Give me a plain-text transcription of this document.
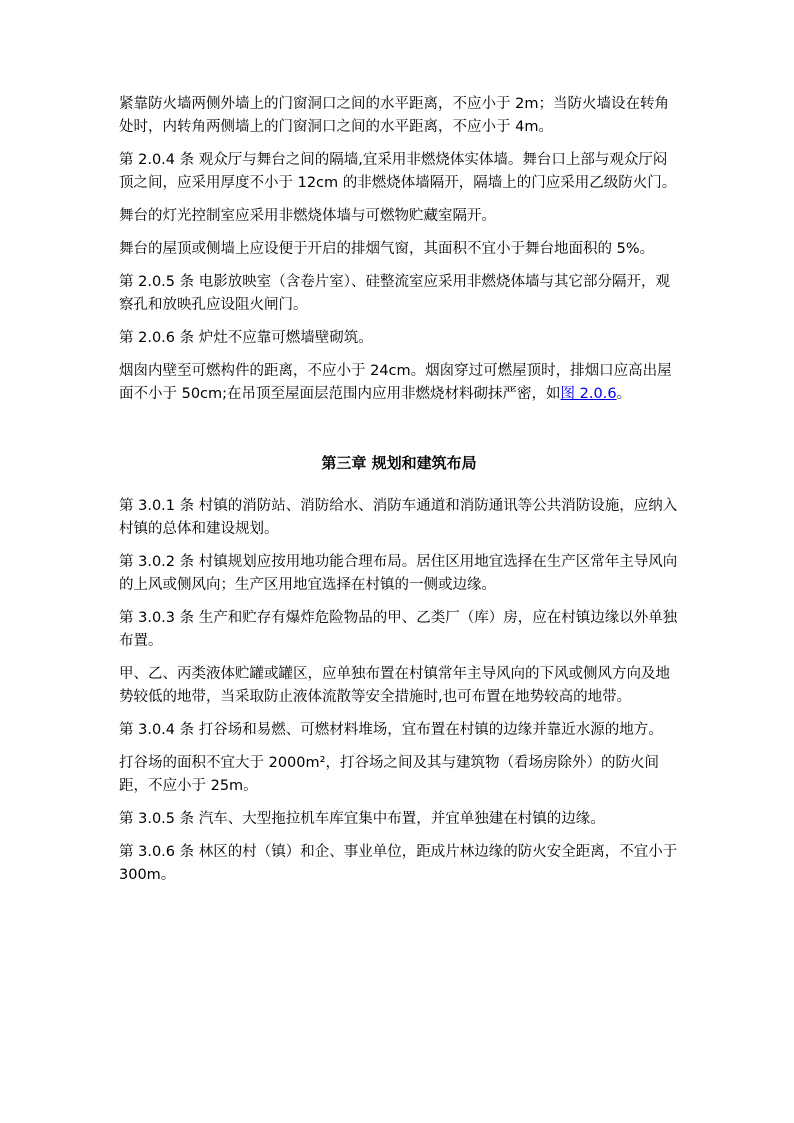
紧靠防火墙两侧外墙上的门窗洞口之间的水平距离，不应小于 2m；当防火墙设在转角处时，内转角两侧墙上的门窗洞口之间的水平距离，不应小于 4m。

第 2.0.4 条 观众厅与舞台之间的隔墙,宜采用非燃烧体实体墙。舞台口上部与观众厅闷顶之间，应采用厚度不小于 12cm 的非燃烧体墙隔开，隔墙上的门应采用乙级防火门。

舞台的灯光控制室应采用非燃烧体墙与可燃物贮藏室隔开。

舞台的屋顶或侧墙上应设便于开启的排烟气窗，其面积不宜小于舞台地面积的 5%。

第 2.0.5 条 电影放映室（含卷片室）、硅整流室应采用非燃烧体墙与其它部分隔开，观察孔和放映孔应设阻火闸门。

第 2.0.6 条 炉灶不应靠可燃墙壁砌筑。

烟囱内壁至可燃构件的距离，不应小于 24cm。烟囱穿过可燃屋顶时，排烟口应高出屋面不小于 50cm;在吊顶至屋面层范围内应用非燃烧材料砌抹严密，如图 2.0.6。

第三章 规划和建筑布局

第 3.0.1 条 村镇的消防站、消防给水、消防车通道和消防通讯等公共消防设施，应纳入村镇的总体和建设规划。

第 3.0.2 条 村镇规划应按用地功能合理布局。居住区用地宜选择在生产区常年主导风向的上风或侧风向；生产区用地宜选择在村镇的一侧或边缘。

第 3.0.3 条 生产和贮存有爆炸危险物品的甲、乙类厂（库）房，应在村镇边缘以外单独布置。

甲、乙、丙类液体贮罐或罐区，应单独布置在村镇常年主导风向的下风或侧风方向及地势较低的地带，当采取防止液体流散等安全措施时,也可布置在地势较高的地带。

第 3.0.4 条 打谷场和易燃、可燃材料堆场，宜布置在村镇的边缘并靠近水源的地方。

打谷场的面积不宜大于 2000m²，打谷场之间及其与建筑物（看场房除外）的防火间距，不应小于 25m。

第 3.0.5 条 汽车、大型拖拉机车库宜集中布置，并宜单独建在村镇的边缘。

第 3.0.6 条 林区的村（镇）和企、事业单位，距成片林边缘的防火安全距离，不宜小于 300m。
